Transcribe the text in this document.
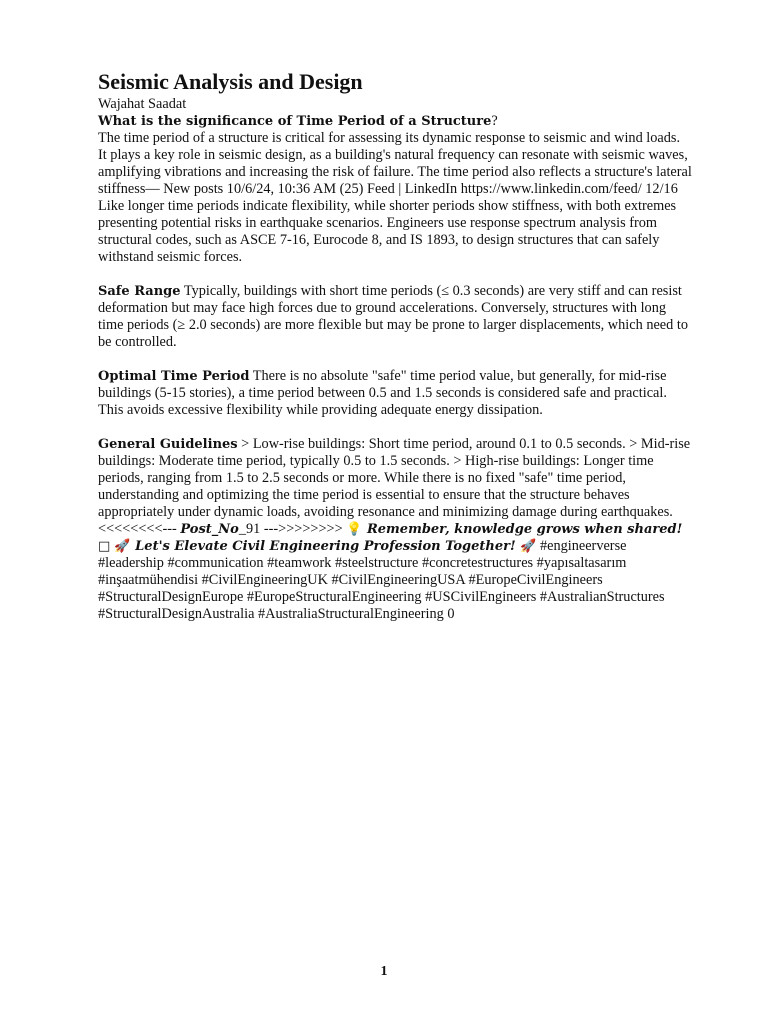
Seismic Analysis and Design

Wajahat Saadat

What is the significance of Time Period of a Structure?
The time period of a structure is critical for assessing its dynamic response to seismic and wind loads. It plays a key role in seismic design, as a building's natural frequency can resonate with seismic waves, amplifying vibrations and increasing the risk of failure. The time period also reflects a structure's lateral stiffness— New posts 10/6/24, 10:36 AM (25) Feed | LinkedIn https://www.linkedin.com/feed/ 12/16 Like longer time periods indicate flexibility, while shorter periods show stiffness, with both extremes presenting potential risks in earthquake scenarios. Engineers use response spectrum analysis from structural codes, such as ASCE 7-16, Eurocode 8, and IS 1893, to design structures that can safely withstand seismic forces.

Safe Range Typically, buildings with short time periods (≤ 0.3 seconds) are very stiff and can resist deformation but may face high forces due to ground accelerations. Conversely, structures with long time periods (≥ 2.0 seconds) are more flexible but may be prone to larger displacements, which need to be controlled.

Optimal Time Period There is no absolute "safe" time period value, but generally, for mid-rise buildings (5-15 stories), a time period between 0.5 and 1.5 seconds is considered safe and practical. This avoids excessive flexibility while providing adequate energy dissipation.

General Guidelines > Low-rise buildings: Short time period, around 0.1 to 0.5 seconds. > Mid-rise buildings: Moderate time period, typically 0.5 to 1.5 seconds. > High-rise buildings: Longer time periods, ranging from 1.5 to 2.5 seconds or more. While there is no fixed "safe" time period, understanding and optimizing the time period is essential to ensure that the structure behaves appropriately under dynamic loads, avoiding resonance and minimizing damage during earthquakes. <<<<<<<<--- Post_No_91 --->>>>>>>> 💡 Remember, knowledge grows when shared! □ 🚀 Let's Elevate Civil Engineering Profession Together! 🚀 #engineerverse #leadership #communication #teamwork #steelstructure #concretestructures #yapısaltasarım #inşaatmühendisi #CivilEngineeringUK #CivilEngineeringUSA #EuropeCivilEngineers #StructuralDesignEurope #EuropeStructuralEngineering #USCivilEngineers #AustralianStructures #StructuralDesignAustralia #AustraliaStructuralEngineering 0

1
